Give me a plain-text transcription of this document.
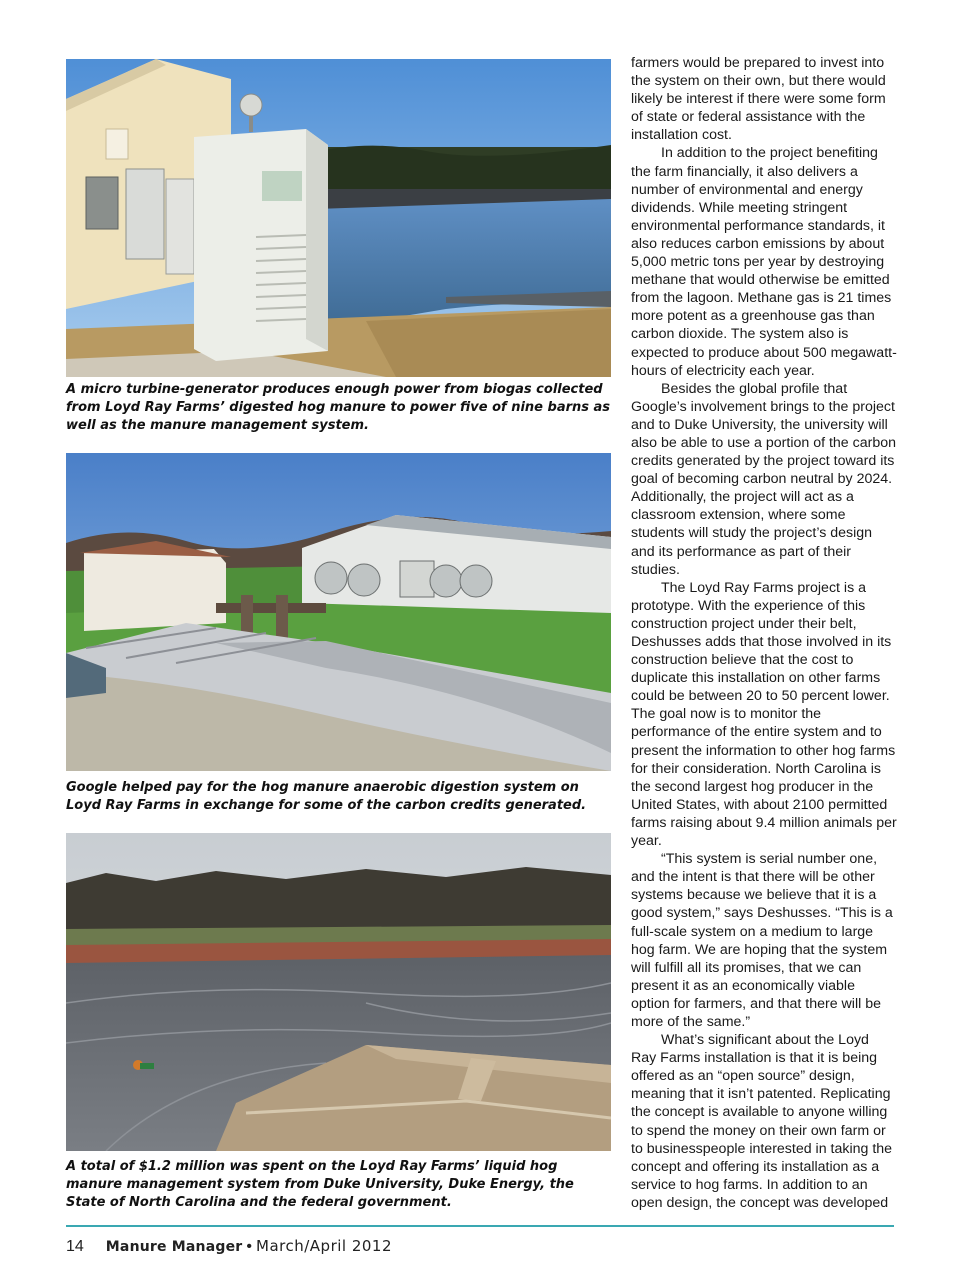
A micro turbine-generator produces enough power from biogas collected from Loyd Ray Farms’ digested hog manure to power five of nine barns as well as the manure management system.
Google helped pay for the hog manure anaerobic digestion system on Loyd Ray Farms in exchange for some of the carbon credits generated.
A total of $1.2 million was spent on the Loyd Ray Farms’ liquid hog manure management system from Duke University, Duke Energy, the State of North Carolina and the federal government.

farmers would be prepared to invest into the system on their own, but there would likely be interest if there were some form of state or federal assistance with the installation cost.

In addition to the project benefiting the farm financially, it also delivers a number of environmental and energy dividends. While meeting stringent environmental performance standards, it also reduces carbon emissions by about 5,000 metric tons per year by destroying methane that would otherwise be emitted from the lagoon. Methane gas is 21 times more potent as a greenhouse gas than carbon dioxide. The system also is expected to produce about 500 megawatt-hours of electricity each year.

Besides the global profile that Google’s involvement brings to the project and to Duke University, the university will also be able to use a portion of the carbon credits generated by the project toward its goal of becoming carbon neutral by 2024. Additionally, the project will act as a classroom extension, where some students will study the project’s design and its performance as part of their studies.

The Loyd Ray Farms project is a prototype. With the experience of this construction project under their belt, Deshusses adds that those involved in its construction believe that the cost to duplicate this installation on other farms could be between 20 to 50 percent lower. The goal now is to monitor the performance of the entire system and to present the information to other hog farms for their consideration. North Carolina is the second largest hog producer in the United States, with about 2100 permitted farms raising about 9.4 million animals per year.

“This system is serial number one, and the intent is that there will be other systems because we believe that it is a good system,” says Deshusses. “This is a full-scale system on a medium to large hog farm. We are hoping that the system will fulfill all its promises, that we can present it as an economically viable option for farmers, and that there will be more of the same.”

What’s significant about the Loyd Ray Farms installation is that it is being offered as an “open source” design, meaning that it isn’t patented. Replicating the concept is available to anyone willing to spend the money on their own farm or to businesspeople interested in taking the concept and offering its installation as a service to hog farms. In addition to an open design, the concept was developed

14 Manure Manager • March/April 2012
